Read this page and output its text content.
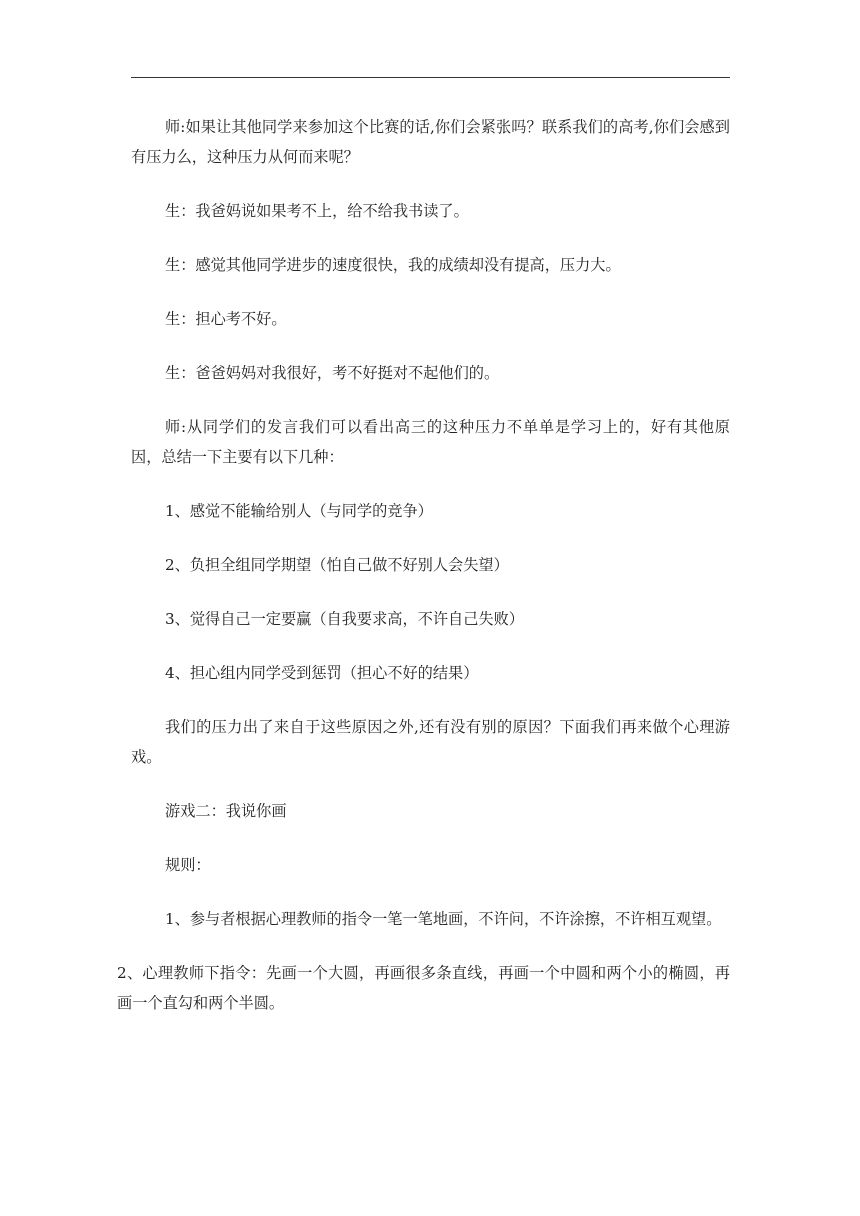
师:如果让其他同学来参加这个比赛的话,你们会紧张吗？联系我们的高考,你们会感到有压力么，这种压力从何而来呢？

生：我爸妈说如果考不上，给不给我书读了。

生：感觉其他同学进步的速度很快，我的成绩却没有提高，压力大。

生：担心考不好。

生：爸爸妈妈对我很好，考不好挺对不起他们的。

师:从同学们的发言我们可以看出高三的这种压力不单单是学习上的，好有其他原因，总结一下主要有以下几种：

1、感觉不能输给别人（与同学的竞争）

2、负担全组同学期望（怕自己做不好别人会失望）

3、觉得自己一定要赢（自我要求高，不许自己失败）

4、担心组内同学受到惩罚（担心不好的结果）

我们的压力出了来自于这些原因之外,还有没有别的原因？下面我们再来做个心理游戏。

游戏二：我说你画

规则：

1、参与者根据心理教师的指令一笔一笔地画，不许问，不许涂擦，不许相互观望。

2、心理教师下指令：先画一个大圆，再画很多条直线，再画一个中圆和两个小的椭圆，再画一个直勾和两个半圆。
